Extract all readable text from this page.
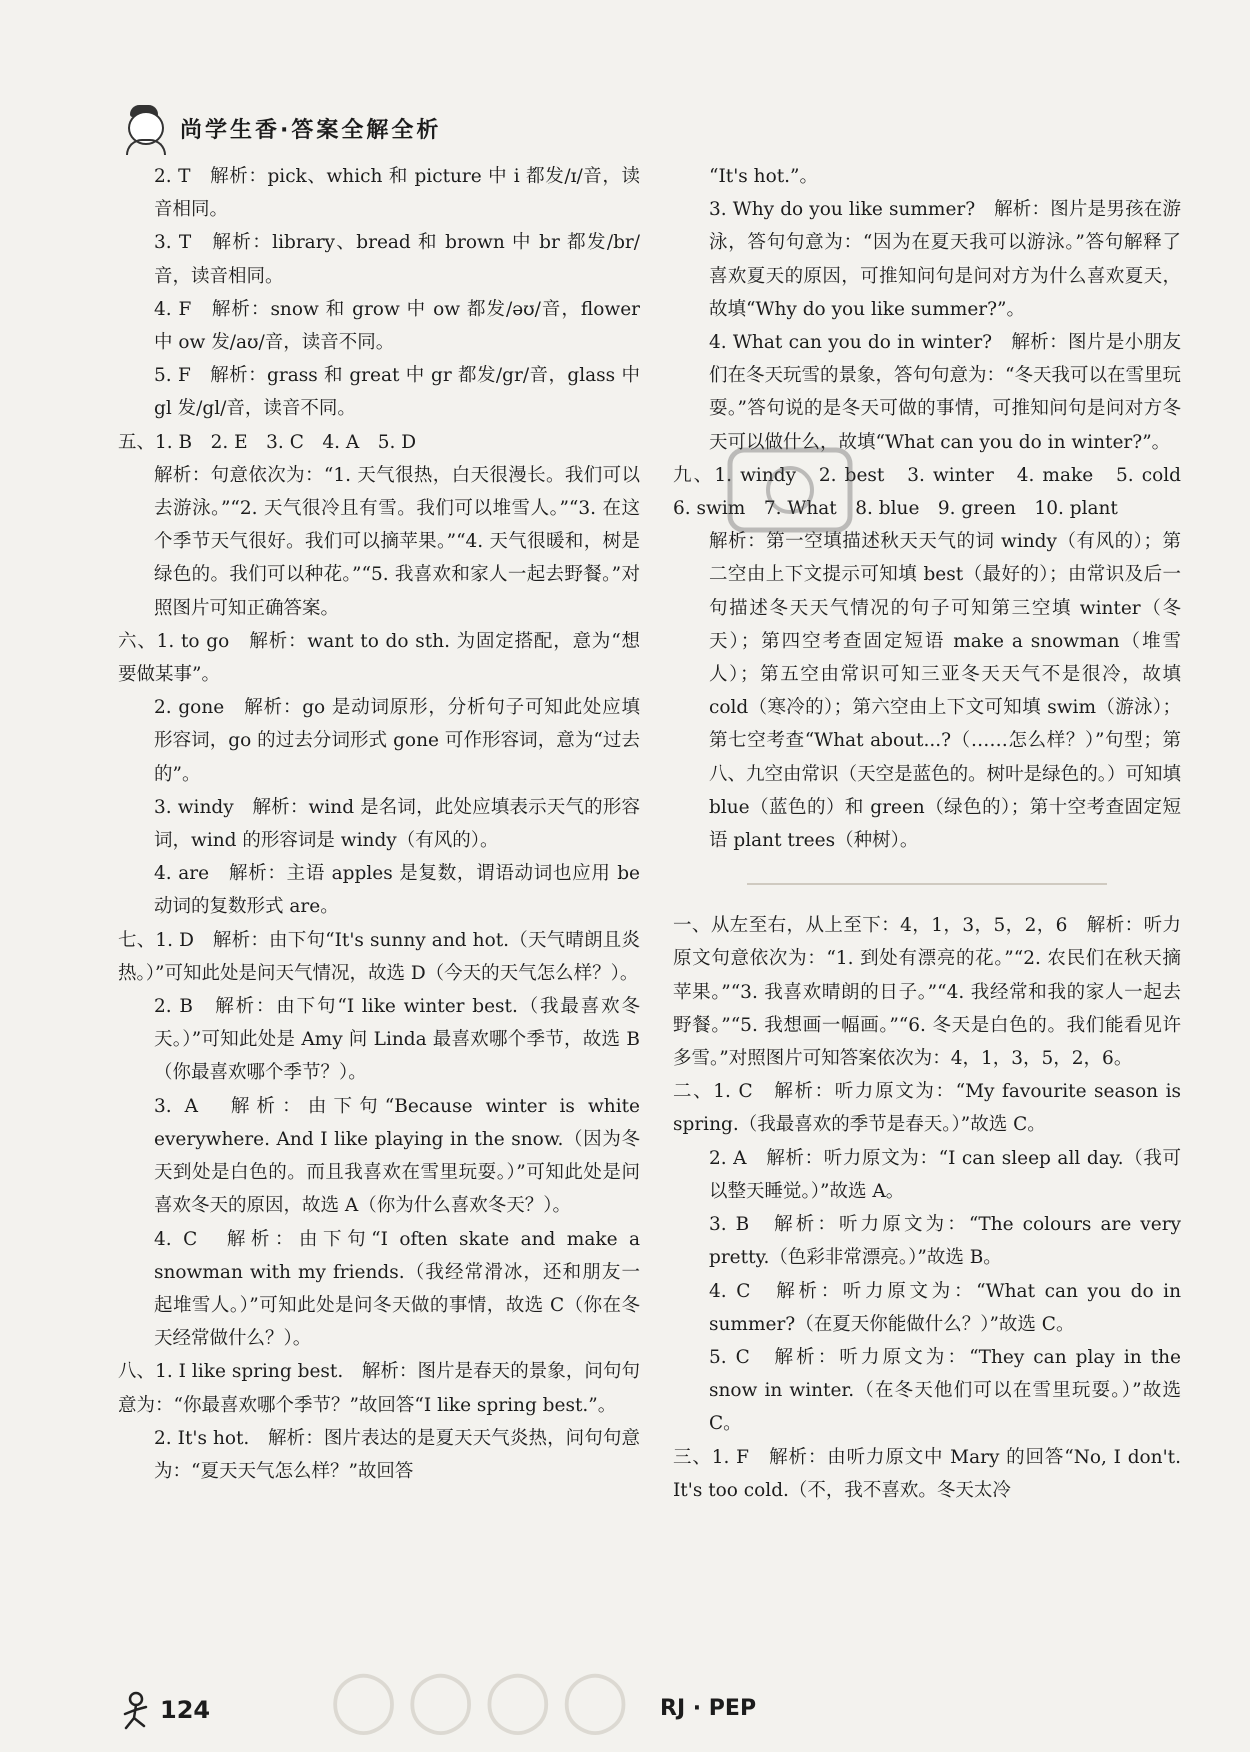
尚学生香·答案全解全析

2. T　解析：pick、which 和 picture 中 i 都发/ɪ/音，读音相同。

3. T　解析：library、bread 和 brown 中 br 都发/br/音，读音相同。

4. F　解析：snow 和 grow 中 ow 都发/əʊ/音，flower 中 ow 发/aʊ/音，读音不同。

5. F　解析：grass 和 great 中 gr 都发/gr/音，glass 中 gl 发/gl/音，读音不同。

五、1. B　2. E　3. C　4. A　5. D

解析：句意依次为：“1. 天气很热，白天很漫长。我们可以去游泳。”“2. 天气很冷且有雪。我们可以堆雪人。”“3. 在这个季节天气很好。我们可以摘苹果。”“4. 天气很暖和，树是绿色的。我们可以种花。”“5. 我喜欢和家人一起去野餐。”对照图片可知正确答案。

六、1. to go　解析：want to do sth. 为固定搭配，意为“想要做某事”。

2. gone　解析：go 是动词原形，分析句子可知此处应填形容词，go 的过去分词形式 gone 可作形容词，意为“过去的”。

3. windy　解析：wind 是名词，此处应填表示天气的形容词，wind 的形容词是 windy（有风的）。

4. are　解析：主语 apples 是复数，谓语动词也应用 be 动词的复数形式 are。

七、1. D　解析：由下句“It's sunny and hot.（天气晴朗且炎热。）”可知此处是问天气情况，故选 D（今天的天气怎么样？）。

2. B　解析：由下句“I like winter best.（我最喜欢冬天。）”可知此处是 Amy 问 Linda 最喜欢哪个季节，故选 B（你最喜欢哪个季节？）。

3. A　解析：由下句“Because winter is white everywhere. And I like playing in the snow.（因为冬天到处是白色的。而且我喜欢在雪里玩耍。）”可知此处是问喜欢冬天的原因，故选 A（你为什么喜欢冬天？）。

4. C　解析：由下句“I often skate and make a snowman with my friends.（我经常滑冰，还和朋友一起堆雪人。）”可知此处是问冬天做的事情，故选 C（你在冬天经常做什么？）。

八、1. I like spring best.　解析：图片是春天的景象，问句句意为：“你最喜欢哪个季节？”故回答“I like spring best.”。

2. It's hot.　解析：图片表达的是夏天天气炎热，问句句意为：“夏天天气怎么样？”故回答

“It's hot.”。

3. Why do you like summer?　解析：图片是男孩在游泳，答句句意为：“因为在夏天我可以游泳。”答句解释了喜欢夏天的原因，可推知问句是问对方为什么喜欢夏天，故填“Why do you like summer?”。

4. What can you do in winter?　解析：图片是小朋友们在冬天玩雪的景象，答句句意为：“冬天我可以在雪里玩耍。”答句说的是冬天可做的事情，可推知问句是问对方冬天可以做什么，故填“What can you do in winter?”。

九、1. windy　2. best　3. winter　4. make　5. cold　6. swim　7. What　8. blue　9. green　10. plant

解析：第一空填描述秋天天气的词 windy（有风的）；第二空由上下文提示可知填 best（最好的）；由常识及后一句描述冬天天气情况的句子可知第三空填 winter（冬天）；第四空考查固定短语 make a snowman（堆雪人）；第五空由常识可知三亚冬天天气不是很冷，故填 cold（寒冷的）；第六空由上下文可知填 swim（游泳）；第七空考查“What about...?（……怎么样？）”句型；第八、九空由常识（天空是蓝色的。树叶是绿色的。）可知填 blue（蓝色的）和 green（绿色的）；第十空考查固定短语 plant trees（种树）。

一、从左至右，从上至下：4，1，3，5，2，6　解析：听力原文句意依次为：“1. 到处有漂亮的花。”“2. 农民们在秋天摘苹果。”“3. 我喜欢晴朗的日子。”“4. 我经常和我的家人一起去野餐。”“5. 我想画一幅画。”“6. 冬天是白色的。我们能看见许多雪。”对照图片可知答案依次为：4，1，3，5，2，6。

二、1. C　解析：听力原文为：“My favourite season is spring.（我最喜欢的季节是春天。）”故选 C。

2. A　解析：听力原文为：“I can sleep all day.（我可以整天睡觉。）”故选 A。

3. B　解析：听力原文为：“The colours are very pretty.（色彩非常漂亮。）”故选 B。

4. C　解析：听力原文为：“What can you do in summer?（在夏天你能做什么？）”故选 C。

5. C　解析：听力原文为：“They can play in the snow in winter.（在冬天他们可以在雪里玩耍。）”故选 C。

三、1. F　解析：由听力原文中 Mary 的回答“No, I don't. It's too cold.（不，我不喜欢。冬天太冷

◯◯◯◯
124	RJ · PEP
